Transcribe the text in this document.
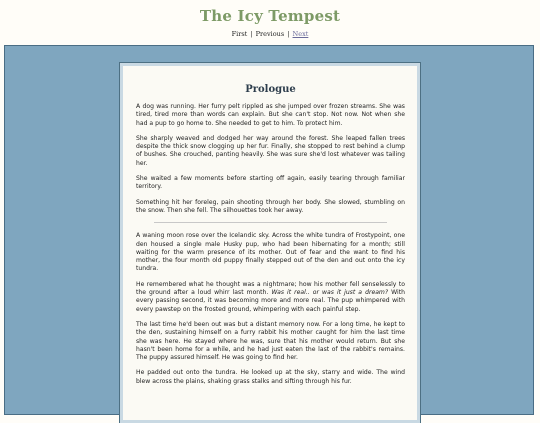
The Icy Tempest
First | Previous | Next
Prologue

A dog was running. Her furry pelt rippled as she jumped over frozen streams. She was tired, tired more than words can explain. But she can't stop. Not now. Not when she had a pup to go home to. She needed to get to him. To protect him.

She sharply weaved and dodged her way around the forest. She leaped fallen trees despite the thick snow clogging up her fur. Finally, she stopped to rest behind a clump of bushes. She crouched, panting heavily. She was sure she'd lost whatever was tailing her.

She waited a few moments before starting off again, easily tearing through familiar territory.

Something hit her foreleg, pain shooting through her body. She slowed, stumbling on the snow. Then she fell. The silhouettes took her away.

A waning moon rose over the Icelandic sky. Across the white tundra of Frostypoint, one den housed a single male Husky pup, who had been hibernating for a month; still waiting for the warm presence of its mother. Out of fear and the want to find his mother, the four month old puppy finally stepped out of the den and out onto the icy tundra.

He remembered what he thought was a nightmare; how his mother fell senselessly to the ground after a loud whirr last month. Was it real.. or was it just a dream? With every passing second, it was becoming more and more real. The pup whimpered with every pawstep on the frosted ground, whimpering with each painful step.

The last time he'd been out was but a distant memory now. For a long time, he kept to the den, sustaining himself on a furry rabbit his mother caught for him the last time she was here. He stayed where he was, sure that his mother would return. But she hasn't been home for a while, and he had just eaten the last of the rabbit's remains. The puppy assured himself. He was going to find her.

He padded out onto the tundra. He looked up at the sky, starry and wide. The wind blew across the plains, shaking grass stalks and sifting through his fur.
